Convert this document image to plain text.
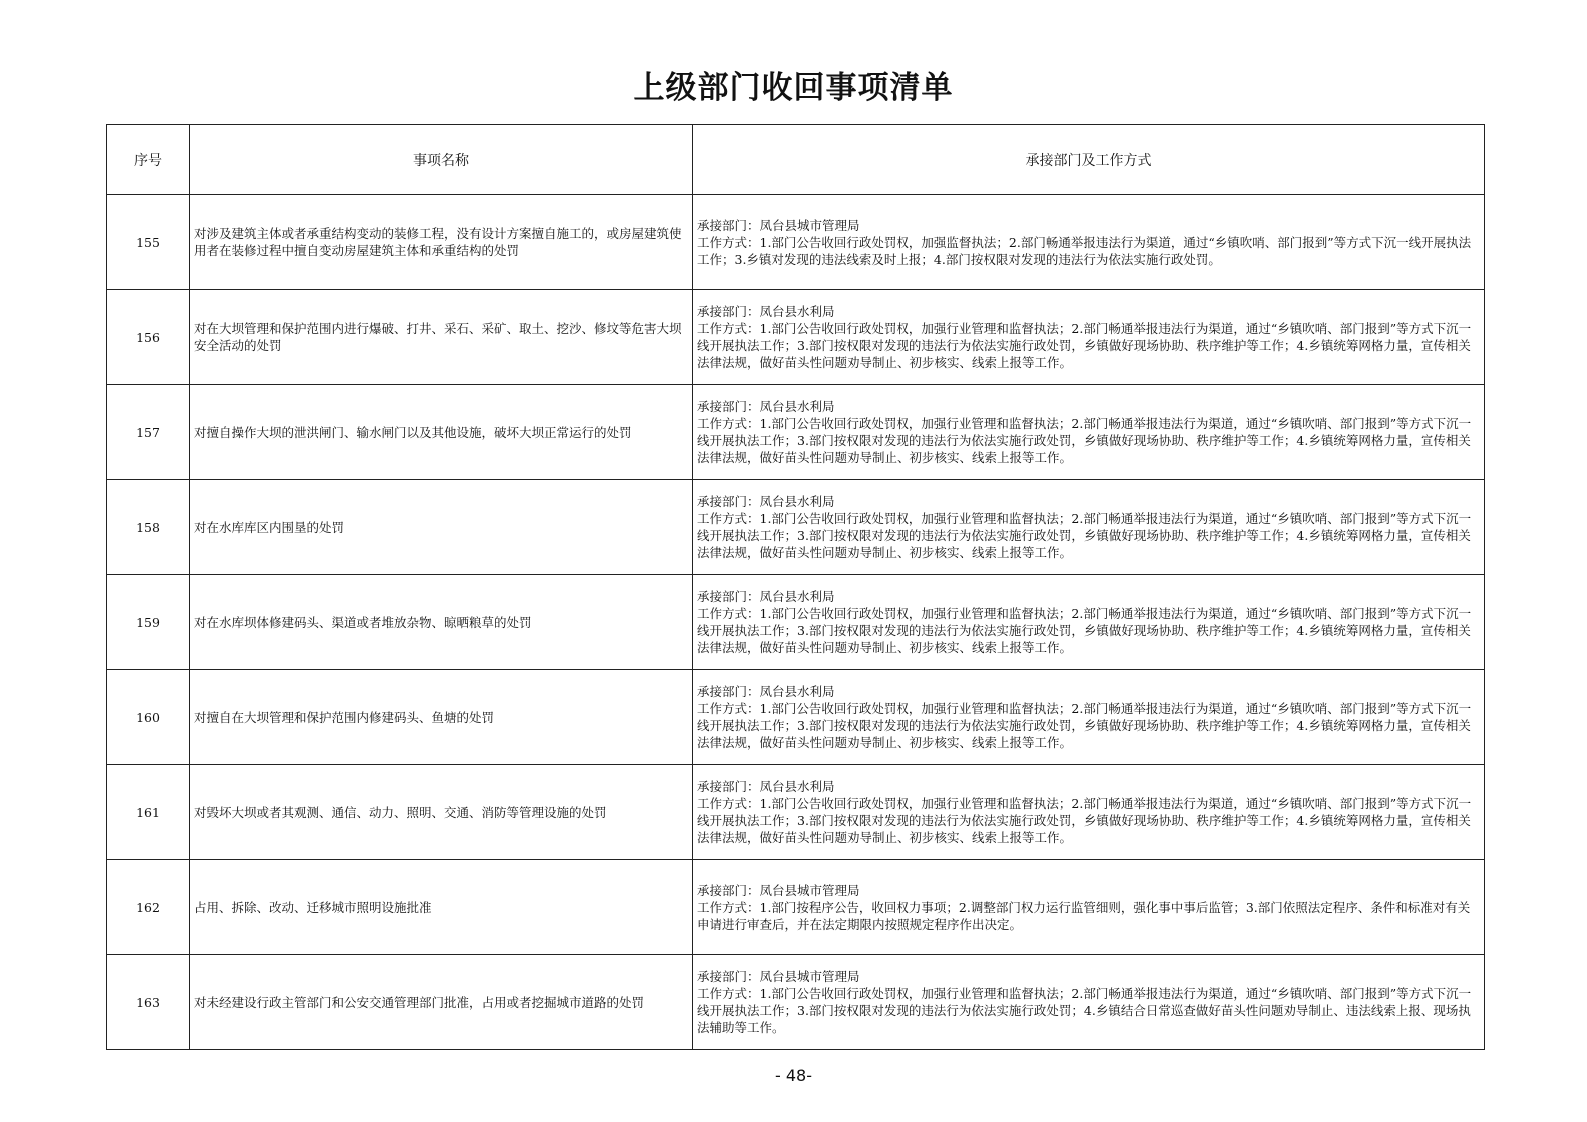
上级部门收回事项清单
序号	事项名称	承接部门及工作方式
155	对涉及建筑主体或者承重结构变动的装修工程，没有设计方案擅自施工的，或房屋建筑使用者在装修过程中擅自变动房屋建筑主体和承重结构的处罚	承接部门：凤台县城市管理局
工作方式：1.部门公告收回行政处罚权，加强监督执法；2.部门畅通举报违法行为渠道，通过“乡镇吹哨、部门报到”等方式下沉一线开展执法工作；3.乡镇对发现的违法线索及时上报；4.部门按权限对发现的违法行为依法实施行政处罚。

156	对在大坝管理和保护范围内进行爆破、打井、采石、采矿、取土、挖沙、修坟等危害大坝安全活动的处罚	承接部门：凤台县水利局
工作方式：1.部门公告收回行政处罚权，加强行业管理和监督执法；2.部门畅通举报违法行为渠道，通过“乡镇吹哨、部门报到”等方式下沉一线开展执法工作；3.部门按权限对发现的违法行为依法实施行政处罚，乡镇做好现场协助、秩序维护等工作；4.乡镇统筹网格力量，宣传相关法律法规，做好苗头性问题劝导制止、初步核实、线索上报等工作。

157	对擅自操作大坝的泄洪闸门、输水闸门以及其他设施，破坏大坝正常运行的处罚	承接部门：凤台县水利局
工作方式：1.部门公告收回行政处罚权，加强行业管理和监督执法；2.部门畅通举报违法行为渠道，通过“乡镇吹哨、部门报到”等方式下沉一线开展执法工作；3.部门按权限对发现的违法行为依法实施行政处罚，乡镇做好现场协助、秩序维护等工作；4.乡镇统筹网格力量，宣传相关法律法规，做好苗头性问题劝导制止、初步核实、线索上报等工作。

158	对在水库库区内围垦的处罚	承接部门：凤台县水利局
工作方式：1.部门公告收回行政处罚权，加强行业管理和监督执法；2.部门畅通举报违法行为渠道，通过“乡镇吹哨、部门报到”等方式下沉一线开展执法工作；3.部门按权限对发现的违法行为依法实施行政处罚，乡镇做好现场协助、秩序维护等工作；4.乡镇统筹网格力量，宣传相关法律法规，做好苗头性问题劝导制止、初步核实、线索上报等工作。

159	对在水库坝体修建码头、渠道或者堆放杂物、晾晒粮草的处罚	承接部门：凤台县水利局
工作方式：1.部门公告收回行政处罚权，加强行业管理和监督执法；2.部门畅通举报违法行为渠道，通过“乡镇吹哨、部门报到”等方式下沉一线开展执法工作；3.部门按权限对发现的违法行为依法实施行政处罚，乡镇做好现场协助、秩序维护等工作；4.乡镇统筹网格力量，宣传相关法律法规，做好苗头性问题劝导制止、初步核实、线索上报等工作。

160	对擅自在大坝管理和保护范围内修建码头、鱼塘的处罚	承接部门：凤台县水利局
工作方式：1.部门公告收回行政处罚权，加强行业管理和监督执法；2.部门畅通举报违法行为渠道，通过“乡镇吹哨、部门报到”等方式下沉一线开展执法工作；3.部门按权限对发现的违法行为依法实施行政处罚，乡镇做好现场协助、秩序维护等工作；4.乡镇统筹网格力量，宣传相关法律法规，做好苗头性问题劝导制止、初步核实、线索上报等工作。

161	对毁坏大坝或者其观测、通信、动力、照明、交通、消防等管理设施的处罚	承接部门：凤台县水利局
工作方式：1.部门公告收回行政处罚权，加强行业管理和监督执法；2.部门畅通举报违法行为渠道，通过“乡镇吹哨、部门报到”等方式下沉一线开展执法工作；3.部门按权限对发现的违法行为依法实施行政处罚，乡镇做好现场协助、秩序维护等工作；4.乡镇统筹网格力量，宣传相关法律法规，做好苗头性问题劝导制止、初步核实、线索上报等工作。

162	占用、拆除、改动、迁移城市照明设施批准	承接部门：凤台县城市管理局
工作方式：1.部门按程序公告，收回权力事项；2.调整部门权力运行监管细则，强化事中事后监管；3.部门依照法定程序、条件和标准对有关申请进行审查后，并在法定期限内按照规定程序作出决定。

163	对未经建设行政主管部门和公安交通管理部门批准，占用或者挖掘城市道路的处罚	承接部门：凤台县城市管理局
工作方式：1.部门公告收回行政处罚权，加强行业管理和监督执法；2.部门畅通举报违法行为渠道，通过“乡镇吹哨、部门报到”等方式下沉一线开展执法工作；3.部门按权限对发现的违法行为依法实施行政处罚；4.乡镇结合日常巡查做好苗头性问题劝导制止、违法线索上报、现场执法辅助等工作。
- 48-
